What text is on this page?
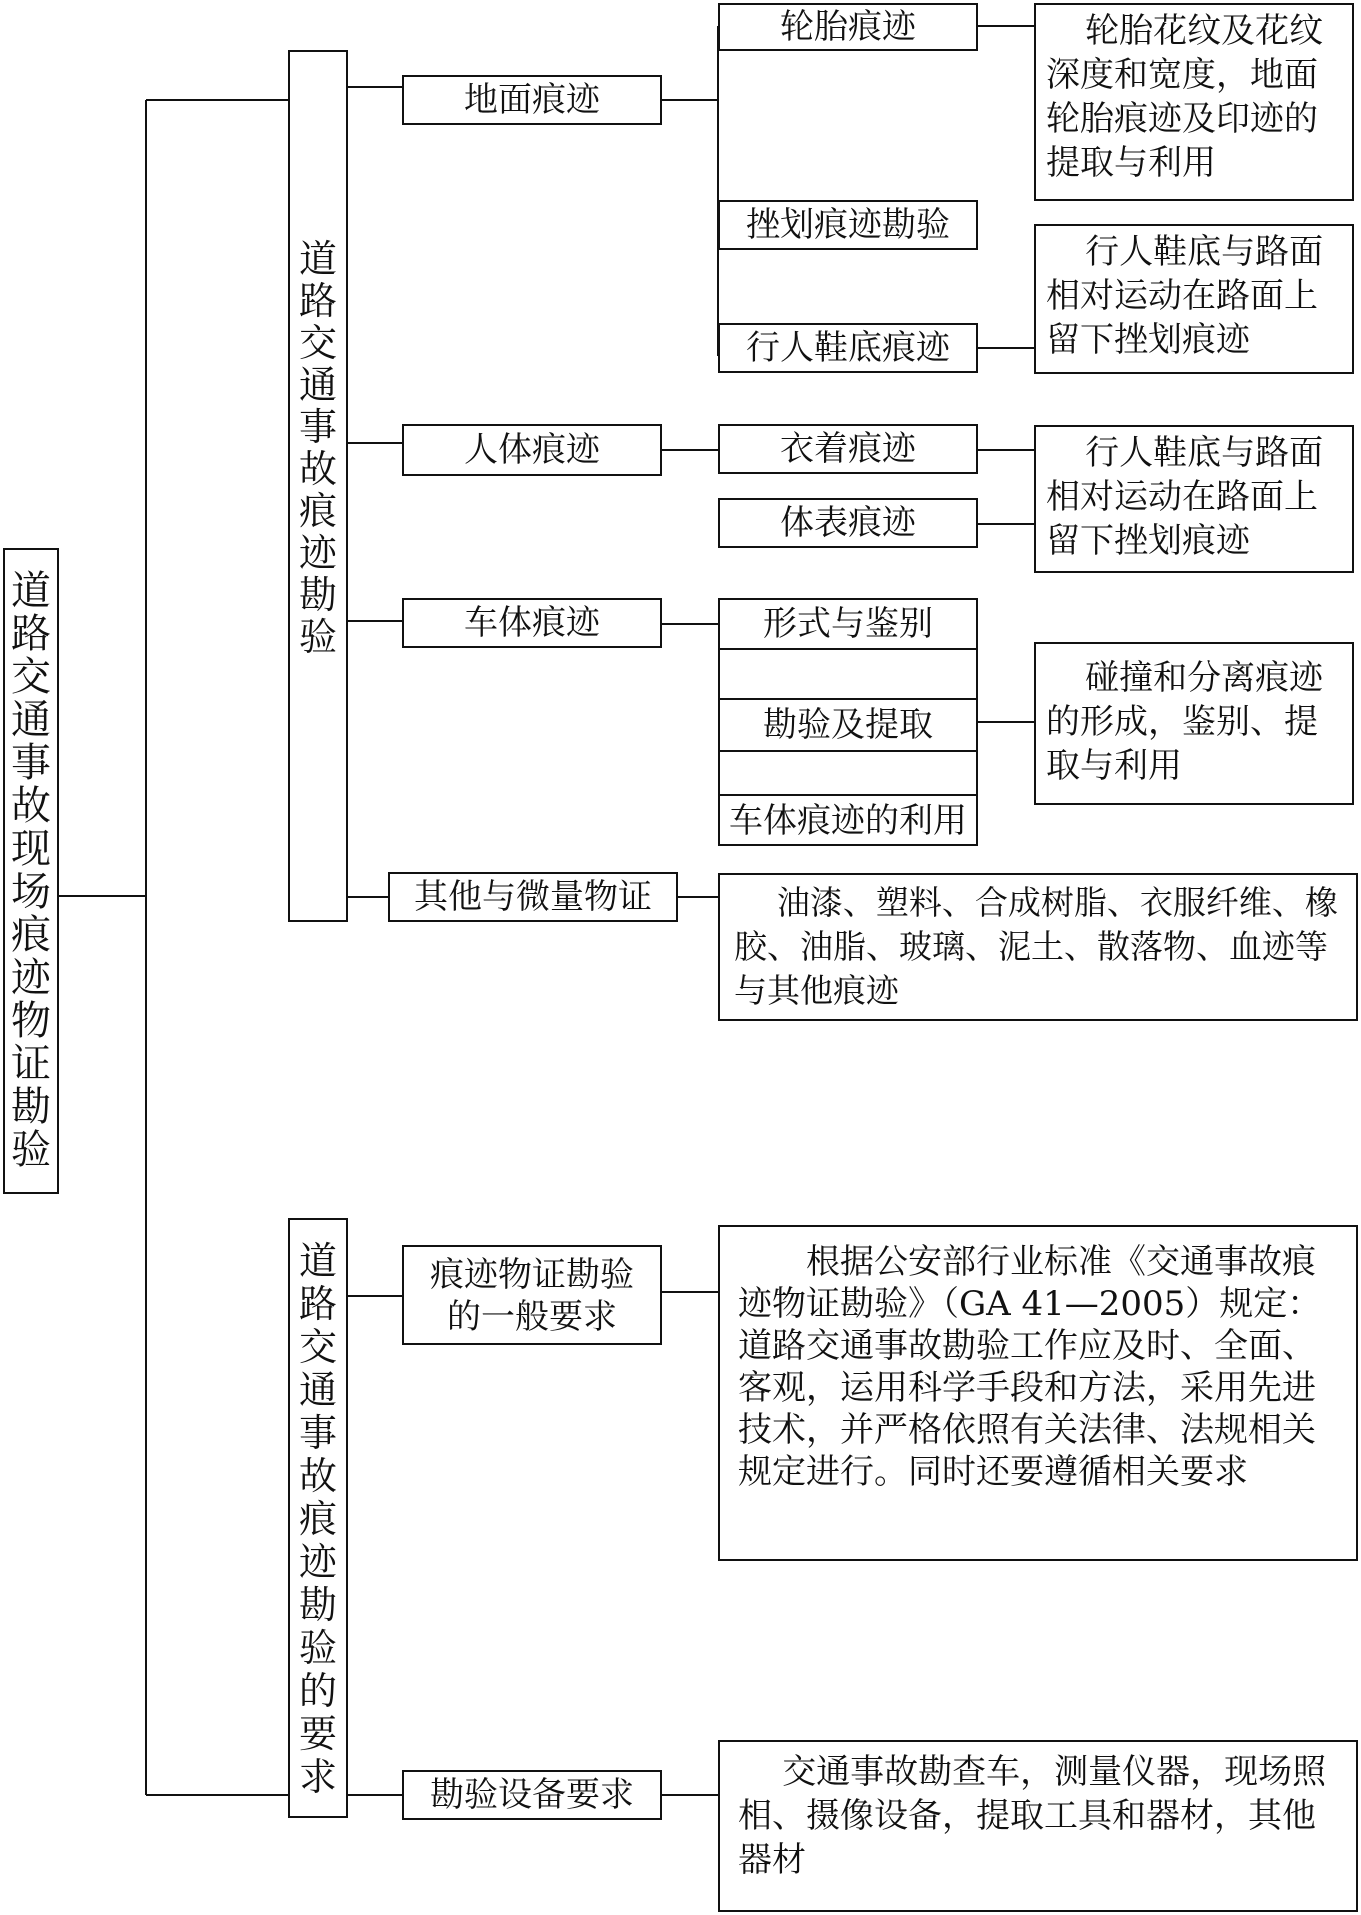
道路交通事故现场痕迹物证勘验
道路交通事故痕迹勘验
地面痕迹
轮胎痕迹
挫划痕迹勘验
行人鞋底痕迹
轮胎花纹及花纹深度和宽度，地面轮胎痕迹及印迹的提取与利用
行人鞋底与路面相对运动在路面上留下挫划痕迹
人体痕迹	衣着痕迹
体表痕迹
行人鞋底与路面相对运动在路面上留下挫划痕迹
车体痕迹	形式与鉴别
勘验及提取
车体痕迹的利用
碰撞和分离痕迹的形成，鉴别、提取与利用
其他与微量物证	油漆、塑料、合成树脂、衣服纤维、橡胶、油脂、玻璃、泥土、散落物、血迹等与其他痕迹
道路交通事故痕迹勘验的要求
痕迹物证勘验
的一般要求
根据公安部行业标准《交通事故痕迹物证勘验》（GA 41—2005）规定：道路交通事故勘验工作应及时、全面、客观，运用科学手段和方法，采用先进技术，并严格依照有关法律、法规相关规定进行。同时还要遵循相关要求
勘验设备要求
交通事故勘查车，测量仪器，现场照相、摄像设备，提取工具和器材，其他器材
